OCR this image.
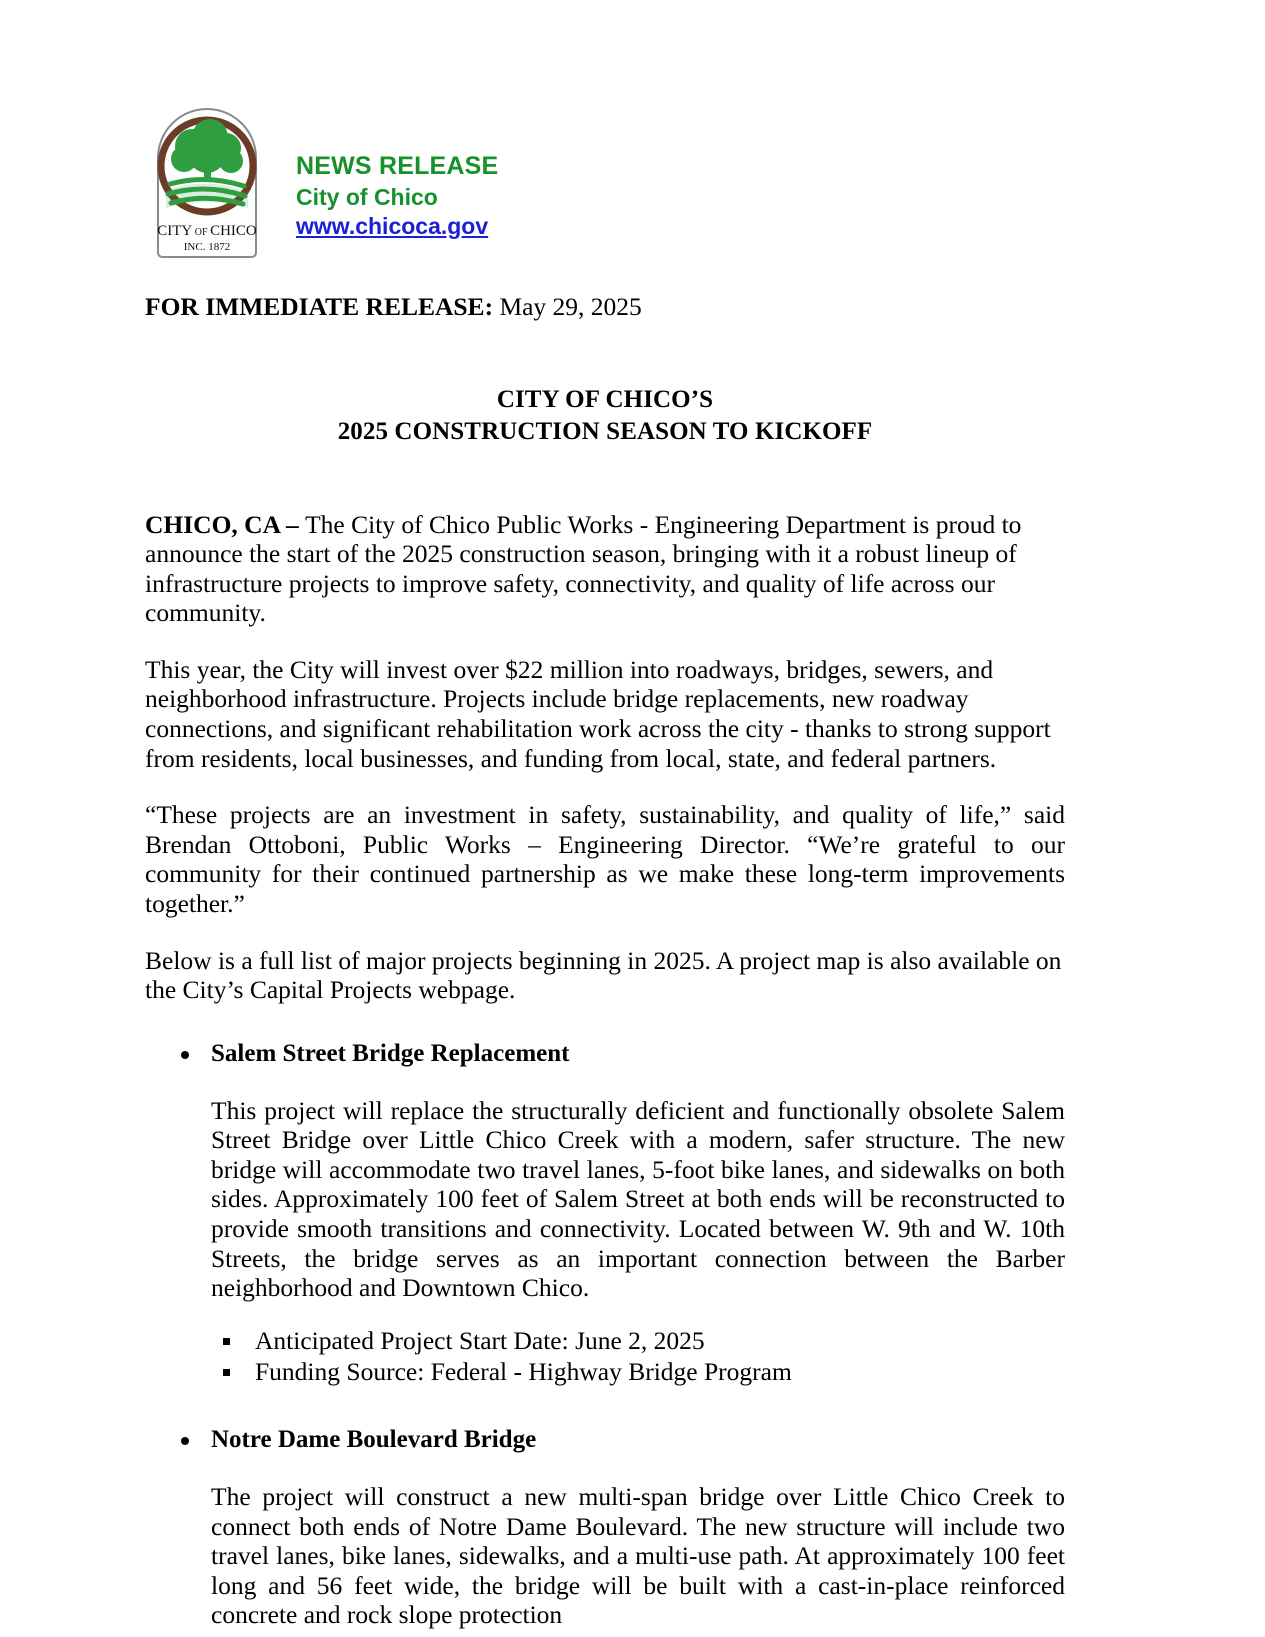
CITY OF CHICO
INC. 1872
NEWS RELEASE
City of Chico
www.chicoca.gov
FOR IMMEDIATE RELEASE: May 29, 2025
CITY OF CHICO’S
2025 CONSTRUCTION SEASON TO KICKOFF

CHICO, CA – The City of Chico Public Works - Engineering Department is proud to announce the start of the 2025 construction season, bringing with it a robust lineup of infrastructure projects to improve safety, connectivity, and quality of life across our community.

This year, the City will invest over $22 million into roadways, bridges, sewers, and neighborhood infrastructure. Projects include bridge replacements, new roadway connections, and significant rehabilitation work across the city - thanks to strong support from residents, local businesses, and funding from local, state, and federal partners.

“These projects are an investment in safety, sustainability, and quality of life,” said Brendan Ottoboni, Public Works – Engineering Director. “We’re grateful to our community for their continued partnership as we make these long-term improvements together.”

Below is a full list of major projects beginning in 2025. A project map is also available on the City’s Capital Projects webpage.

Salem Street Bridge Replacement
This project will replace the structurally deficient and functionally obsolete Salem Street Bridge over Little Chico Creek with a modern, safer structure. The new bridge will accommodate two travel lanes, 5-foot bike lanes, and sidewalks on both sides. Approximately 100 feet of Salem Street at both ends will be reconstructed to provide smooth transitions and connectivity. Located between W. 9th and W. 10th Streets, the bridge serves as an important connection between the Barber neighborhood and Downtown Chico.
Anticipated Project Start Date: June 2, 2025
Funding Source: Federal - Highway Bridge Program
Notre Dame Boulevard Bridge
The project will construct a new multi-span bridge over Little Chico Creek to connect both ends of Notre Dame Boulevard. The new structure will include two travel lanes, bike lanes, sidewalks, and a multi-use path. At approximately 100 feet long and 56 feet wide, the bridge will be built with a cast-in-place reinforced concrete and rock slope protection
